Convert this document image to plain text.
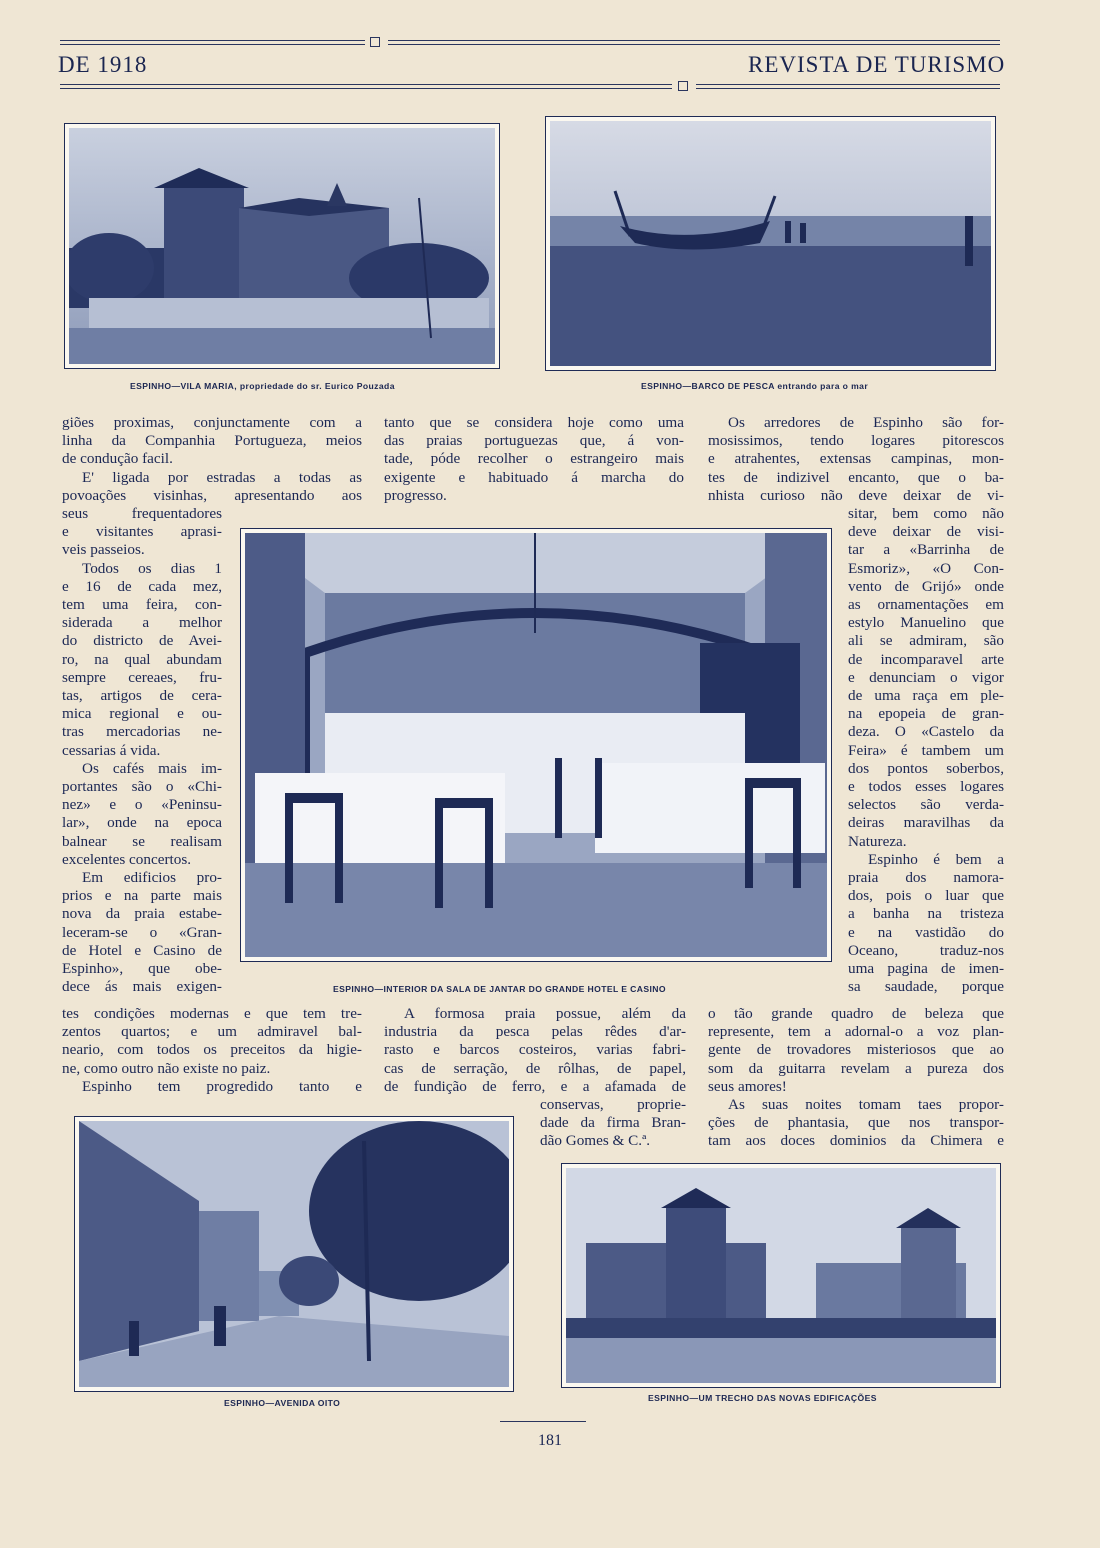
DE 1918	REVISTA DE TURISMO
ESPINHO—VILA MARIA, propriedade do sr. Eurico Pouzada	ESPINHO—BARCO DE PESCA entrando para o mar

giões proximas, conjunctamente com a

linha da Companhia Portugueza, meios

de condução facil.

E' ligada por estradas a todas as

povoações visinhas, apresentando aos

tanto que se considera hoje como uma

das praias portuguezas que, á von-

tade, póde recolher o estrangeiro mais

exigente e habituado á marcha do

progresso.

Os arredores de Espinho são for-

mosissimos, tendo logares pitorescos

e atrahentes, extensas campinas, mon-

tes de indizivel encanto, que o ba-

nhista curioso não deve deixar de vi-

seus frequentadores

e visitantes aprasi-

veis passeios.

Todos os dias 1

e 16 de cada mez,

tem uma feira, con-

siderada a melhor

do districto de Avei-

ro, na qual abundam

sempre cereaes, fru-

tas, artigos de cera-

mica regional e ou-

tras mercadorias ne-

cessarias á vida.

Os cafés mais im-

portantes são o «Chi-

nez» e o «Peninsu-

lar», onde na epoca

balnear se realisam

excelentes concertos.

Em edificios pro-

prios e na parte mais

nova da praia estabe-

leceram-se o «Gran-

de Hotel e Casino de

Espinho», que obe-

dece ás mais exigen-	ESPINHO—INTERIOR DA SALA DE JANTAR DO GRANDE HOTEL E CASINO

sitar, bem como não

deve deixar de visi-

tar a «Barrinha de

Esmoriz», «O Con-

vento de Grijó» onde

as ornamentações em

estylo Manuelino que

ali se admiram, são

de incomparavel arte

e denunciam o vigor

de uma raça em ple-

na epopeia de gran-

deza. O «Castelo da

Feira» é tambem um

dos pontos soberbos,

e todos esses logares

selectos são verda-

deiras maravilhas da

Natureza.

Espinho é bem a

praia dos namora-

dos, pois o luar que

a banha na tristeza

e na vastidão do

Oceano, traduz-nos

uma pagina de imen-

sa saudade, porque

tes condições modernas e que tem tre-

zentos quartos; e um admiravel bal-

neario, com todos os preceitos da higie-

ne, como outro não existe no paiz.

Espinho tem progredido tanto e

A formosa praia possue, além da

industria da pesca pelas rêdes d'ar-

rasto e barcos costeiros, varias fabri-

cas de serração, de rôlhas, de papel,

de fundição de ferro, e a afamada de

conservas, proprie-

dade da firma Bran-

dão Gomes & C.ª.

o tão grande quadro de beleza que

represente, tem a adornal-o a voz plan-

gente de trovadores misteriosos que ao

som da guitarra revelam a pureza dos

seus amores!

As suas noites tomam taes propor-

ções de phantasia, que nos transpor-

tam aos doces dominios da Chimera e

ESPINHO—AVENIDA OITO	ESPINHO—UM TRECHO DAS NOVAS EDIFICAÇÕES
181
